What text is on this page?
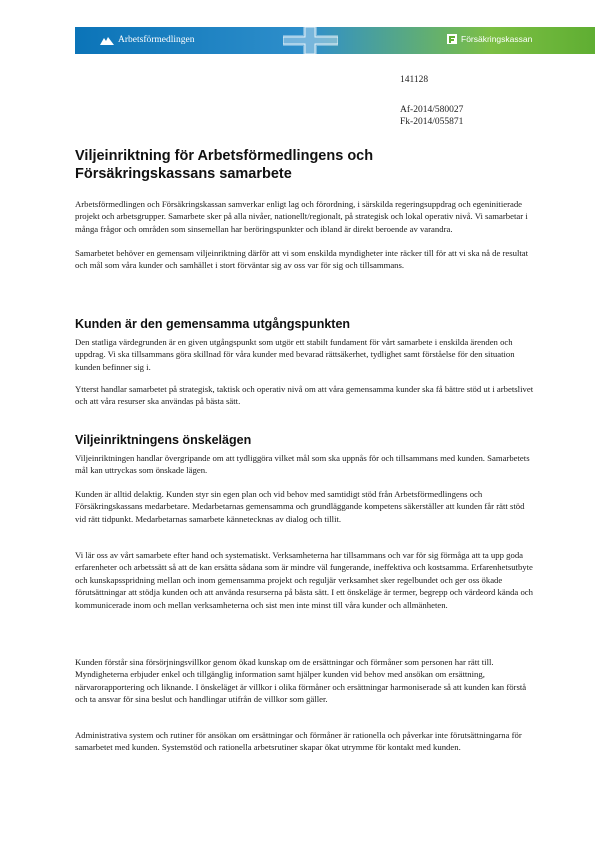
Arbetsförmedlingen	Försäkringskassan
141128
Af-2014/580027
Fk-2014/055871
Viljeinriktning för Arbetsförmedlingens och Försäkringskassans samarbete

Arbetsförmedlingen och Försäkringskassan samverkar enligt lag och förordning, i särskilda regeringsuppdrag och egeninitierade projekt och arbetsgrupper. Samarbete sker på alla nivåer, nationellt/regionalt, på strategisk och lokal operativ nivå. Vi samarbetar i många frågor och områden som sinsemellan har beröringspunkter och ibland är direkt beroende av varandra.

Samarbetet behöver en gemensam viljeinriktning därför att vi som enskilda myndigheter inte räcker till för att vi ska nå de resultat och mål som våra kunder och samhället i stort förväntar sig av oss var för sig och tillsammans.

Kunden är den gemensamma utgångspunkten

Den statliga värdegrunden är en given utgångspunkt som utgör ett stabilt fundament för vårt samarbete i enskilda ärenden och uppdrag. Vi ska tillsammans göra skillnad för våra kunder med bevarad rättsäkerhet, tydlighet samt förståelse för den situation kunden befinner sig i.

Ytterst handlar samarbetet på strategisk, taktisk och operativ nivå om att våra gemensamma kunder ska få bättre stöd ut i arbetslivet och att våra resurser ska användas på bästa sätt.

Viljeinriktningens önskelägen

Viljeinriktningen handlar övergripande om att tydliggöra vilket mål som ska uppnås för och tillsammans med kunden. Samarbetets mål kan uttryckas som önskade lägen.

Kunden är alltid delaktig. Kunden styr sin egen plan och vid behov med samtidigt stöd från Arbetsförmedlingens och Försäkringskassans medarbetare. Medarbetarnas gemensamma och grundläggande kompetens säkerställer att kunden får rätt stöd vid rätt tidpunkt. Medarbetarnas samarbete kännetecknas av dialog och tillit.

Vi lär oss av vårt samarbete efter hand och systematiskt. Verksamheterna har tillsammans och var för sig förmåga att ta upp goda erfarenheter och arbetssätt så att de kan ersätta sådana som är mindre väl fungerande, ineffektiva och kostsamma. Erfarenhetsutbyte och kunskapsspridning mellan och inom gemensamma projekt och reguljär verksamhet sker regelbundet och ger oss ökade förutsättningar att stödja kunden och att använda resurserna på bästa sätt. I ett önskeläge är termer, begrepp och värdeord kända och kommunicerade inom och mellan verksamheterna och sist men inte minst till våra kunder och allmänheten.

Kunden förstår sina försörjningsvillkor genom ökad kunskap om de ersättningar och förmåner som personen har rätt till. Myndigheterna erbjuder enkel och tillgänglig information samt hjälper kunden vid behov med ansökan om ersättning, närvarorapportering och liknande. I önskeläget är villkor i olika förmåner och ersättningar harmoniserade så att kunden kan förstå och ta ansvar för sina beslut och handlingar utifrån de villkor som gäller.

Administrativa system och rutiner för ansökan om ersättningar och förmåner är rationella och påverkar inte förutsättningarna för samarbetet med kunden. Systemstöd och rationella arbetsrutiner skapar ökat utrymme för kontakt med kunden.
